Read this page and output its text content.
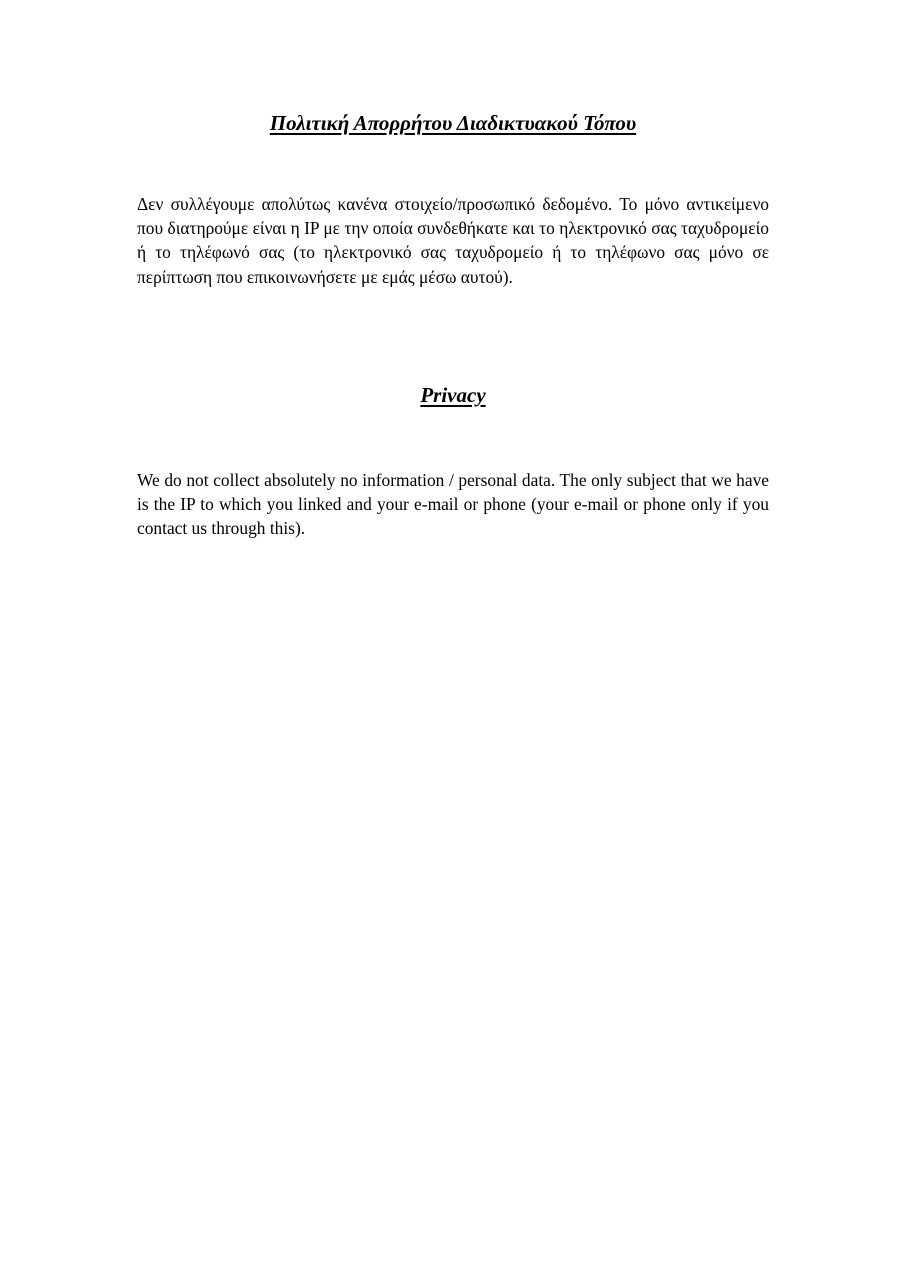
Πολιτική Απορρήτου Διαδικτυακού Τόπου

Δεν συλλέγουμε απολύτως κανένα στοιχείο/προσωπικό δεδομένο. Το μόνο αντικείμενο που διατηρούμε είναι η IP με την οποία συνδεθήκατε και το ηλεκτρονικό σας ταχυδρομείο ή το τηλέφωνό σας (το ηλεκτρονικό σας ταχυδρομείο ή το τηλέφωνο σας μόνο σε περίπτωση που επικοινωνήσετε με εμάς μέσω αυτού).

Privacy

We do not collect absolutely no information / personal data. The only subject that we have is the IP to which you linked and your e-mail or phone (your e-mail or phone only if you contact us through this).
